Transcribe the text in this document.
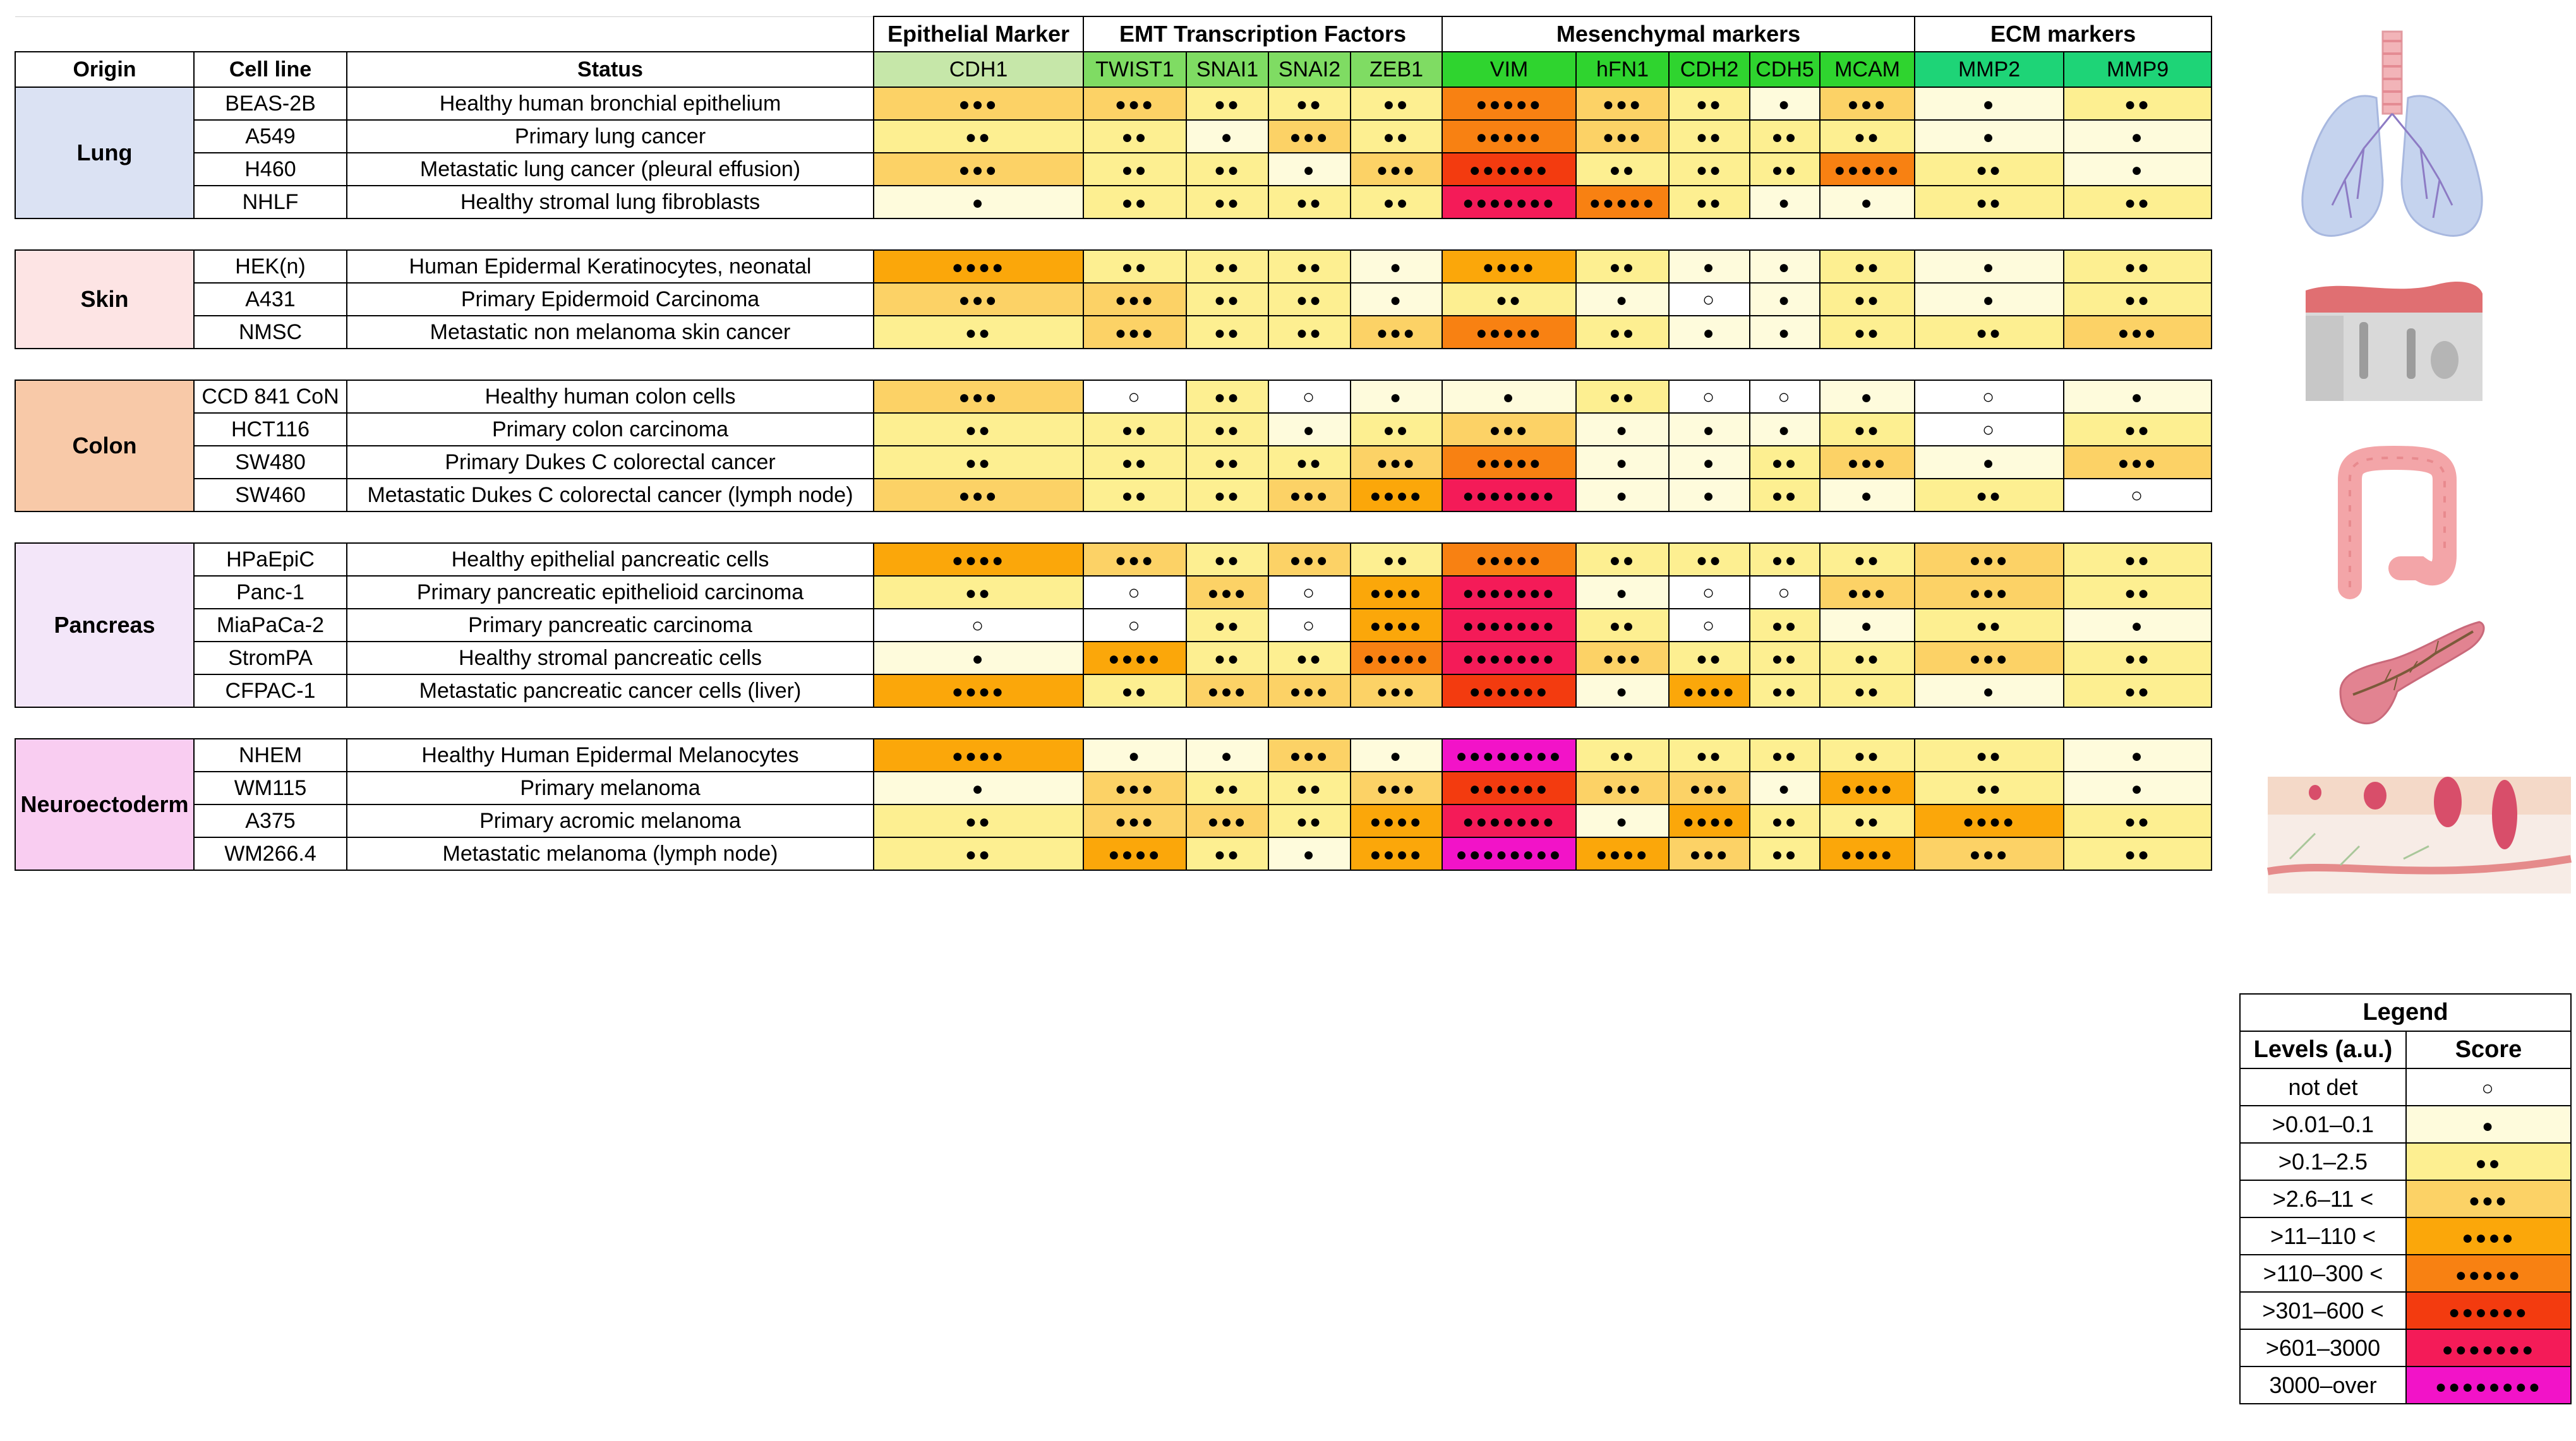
			Epithelial Marker	EMT Transcription Factors				Mesenchymal markers					ECM markers	
Origin	Cell line	Status	CDH1	TWIST1	SNAI1	SNAI2	ZEB1	VIM	hFN1	CDH2	CDH5	MCAM	MMP2	MMP9
Lung	BEAS-2B	Healthy human bronchial epithelium	●●●	●●●	●●	●●	●●	●●●●●	●●●	●●	●	●●●	●	●●
	A549	Primary lung cancer	●●	●●	●	●●●	●●	●●●●●	●●●	●●	●●	●●	●	●
	H460	Metastatic lung cancer (pleural effusion)	●●●	●●	●●	●	●●●	●●●●●●	●●	●●	●●	●●●●●	●●	●
	NHLF	Healthy stromal lung fibroblasts	●	●●	●●	●●	●●	●●●●●●●	●●●●●	●●	●	●	●●	●●

Skin	HEK(n)	Human Epidermal Keratinocytes, neonatal	●●●●	●●	●●	●●	●	●●●●	●●	●	●	●●	●	●●
	A431	Primary Epidermoid Carcinoma	●●●	●●●	●●	●●	●	●●	●	○	●	●●	●	●●
	NMSC	Metastatic non melanoma skin cancer	●●	●●●	●●	●●	●●●	●●●●●	●●	●	●	●●	●●	●●●

Colon	CCD 841 CoN	Healthy human colon cells	●●●	○	●●	○	●	●	●●	○	○	●	○	●
	HCT116	Primary colon carcinoma	●●	●●	●●	●	●●	●●●	●	●	●	●●	○	●●
	SW480	Primary Dukes C colorectal cancer	●●	●●	●●	●●	●●●	●●●●●	●	●	●●	●●●	●	●●●
	SW460	Metastatic Dukes C colorectal cancer (lymph node)	●●●	●●	●●	●●●	●●●●	●●●●●●●	●	●	●●	●	●●	○

Pancreas	HPaEpiC	Healthy epithelial pancreatic cells	●●●●	●●●	●●	●●●	●●	●●●●●	●●	●●	●●	●●	●●●	●●
	Panc-1	Primary pancreatic epithelioid carcinoma	●●	○	●●●	○	●●●●	●●●●●●●	●	○	○	●●●	●●●	●●
	MiaPaCa-2	Primary pancreatic carcinoma	○	○	●●	○	●●●●	●●●●●●●	●●	○	●●	●	●●	●
	StromPA	Healthy stromal pancreatic cells	●	●●●●	●●	●●	●●●●●	●●●●●●●	●●●	●●	●●	●●	●●●	●●
	CFPAC-1	Metastatic pancreatic cancer cells (liver)	●●●●	●●	●●●	●●●	●●●	●●●●●●	●	●●●●	●●	●●	●	●●

Neuroectoderm	NHEM	Healthy Human Epidermal Melanocytes	●●●●	●	●	●●●	●	●●●●●●●●	●●	●●	●●	●●	●●	●
	WM115	Primary melanoma	●	●●●	●●	●●	●●●	●●●●●●	●●●	●●●	●	●●●●	●●	●
	A375	Primary acromic melanoma	●●	●●●	●●●	●●	●●●●	●●●●●●●	●	●●●●	●●	●●	●●●●	●●
	WM266.4	Metastatic melanoma (lymph node)	●●	●●●●	●●	●	●●●●	●●●●●●●●	●●●●	●●●	●●	●●●●	●●●	●●
Legend	
Levels (a.u.)	Score
not det	○
>0.01–0.1	●
>0.1–2.5	●●
>2.6–11 <	●●●
>11–110 <	●●●●
>110–300 <	●●●●●
>301–600 <	●●●●●●
>601–3000	●●●●●●●
3000–over	●●●●●●●●
